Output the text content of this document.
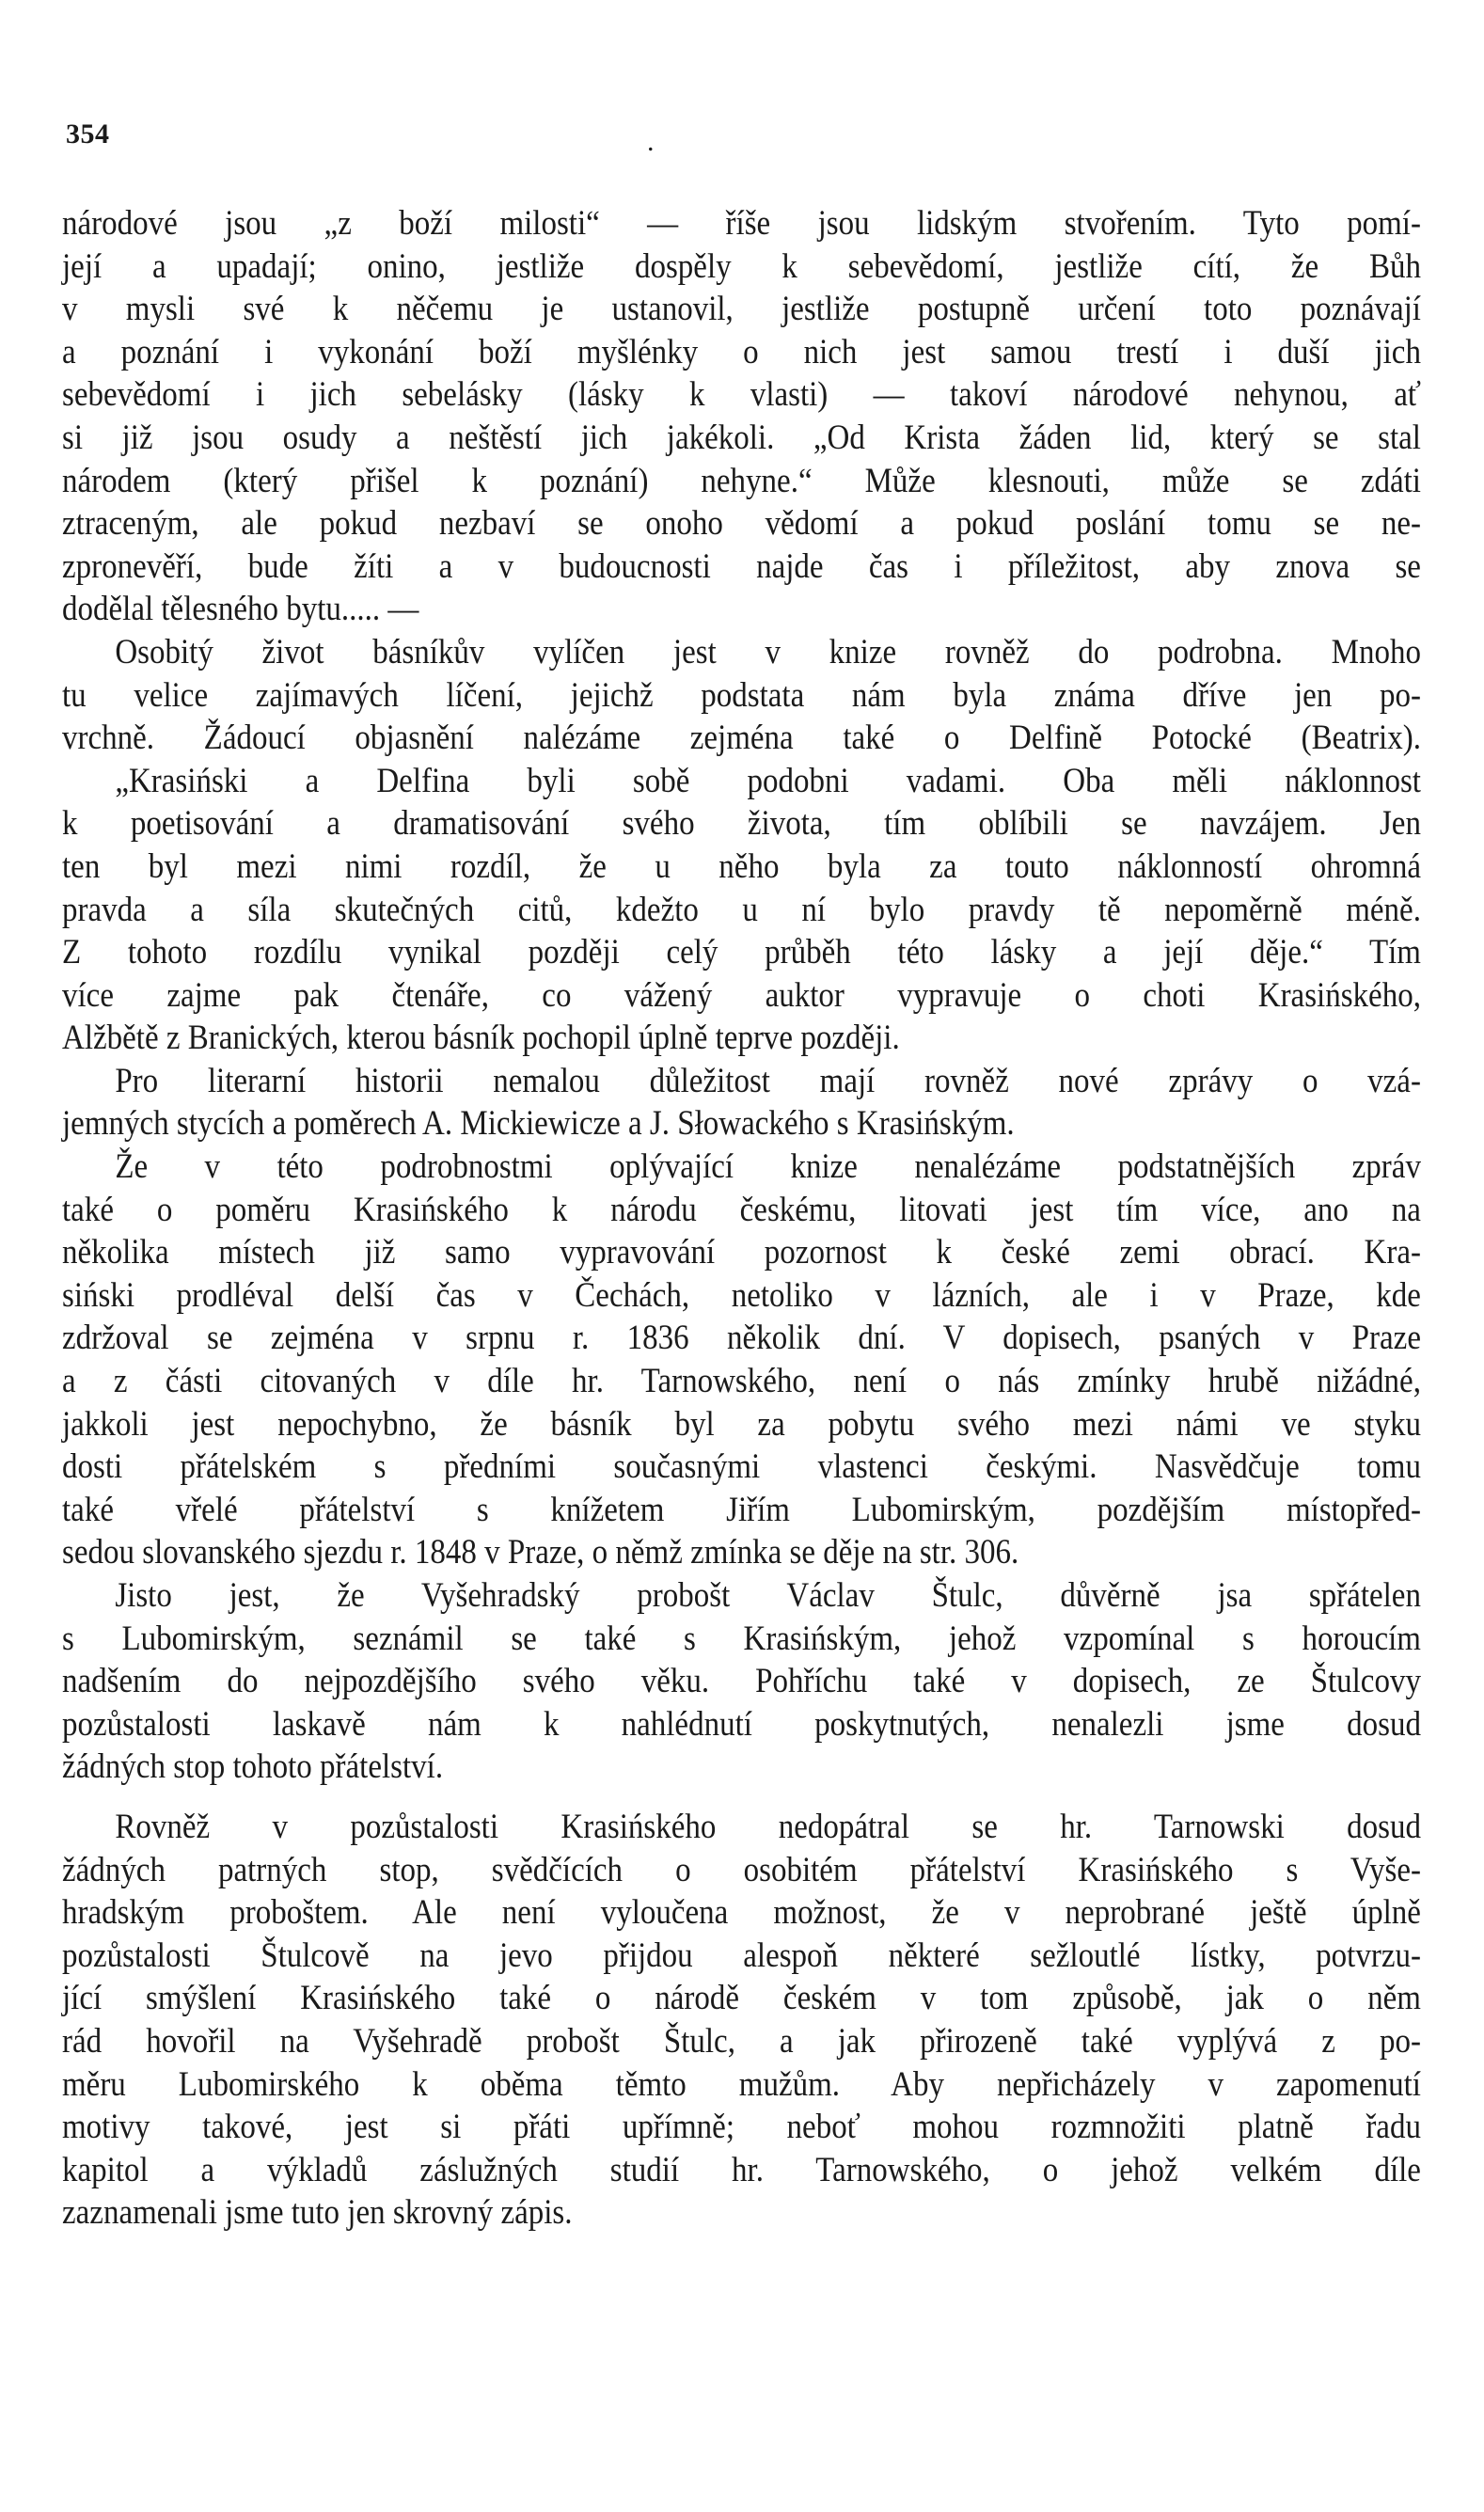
354	.
národové jsou „z boží milosti“ — říše jsou lidským stvořením. Tyto pomí-
její a upadají; onino, jestliže dospěly k sebevědomí, jestliže cítí, že Bůh
v mysli své k něčemu je ustanovil, jestliže postupně určení toto poznávají
a poznání i vykonání boží myšlénky o nich jest samou trestí i duší jich
sebevědomí i jich sebelásky (lásky k vlasti) — takoví národové nehynou, ať
si již jsou osudy a neštěstí jich jakékoli. „Od Krista žáden lid, který se stal
národem (který přišel k poznání) nehyne.“ Může klesnouti, může se zdáti
ztraceným, ale pokud nezbaví se onoho vědomí a pokud poslání tomu se ne-
zpronevěří, bude žíti a v budoucnosti najde čas i příležitost, aby znova se
dodělal tělesného bytu..... —
Osobitý život básníkův vylíčen jest v knize rovněž do podrobna. Mnoho
tu velice zajímavých líčení, jejichž podstata nám byla známa dříve jen po-
vrchně. Žádoucí objasnění nalézáme zejména také o Delfině Potocké (Beatrix).
„Krasiński a Delfina byli sobě podobni vadami. Oba měli náklonnost
k poetisování a dramatisování svého života, tím oblíbili se navzájem. Jen
ten byl mezi nimi rozdíl, že u něho byla za touto náklonností ohromná
pravda a síla skutečných citů, kdežto u ní bylo pravdy tě nepoměrně méně.
Z tohoto rozdílu vynikal později celý průběh této lásky a její děje.“ Tím
více zajme pak čtenáře, co vážený auktor vypravuje o choti Krasińského,
Alžbětě z Branických, kterou básník pochopil úplně teprve později.
Pro literarní historii nemalou důležitost mají rovněž nové zprávy o vzá-
jemných stycích a poměrech A. Mickiewicze a J. Słowackého s Krasińským.
Že v této podrobnostmi oplývající knize nenalézáme podstatnějších zpráv
také o poměru Krasińského k národu českému, litovati jest tím více, ano na
několika místech již samo vypravování pozornost k české zemi obrací. Kra-
siński prodléval delší čas v Čechách, netoliko v lázních, ale i v Praze, kde
zdržoval se zejména v srpnu r. 1836 několik dní. V dopisech, psaných v Praze
a z části citovaných v díle hr. Tarnowského, není o nás zmínky hrubě nižádné,
jakkoli jest nepochybno, že básník byl za pobytu svého mezi námi ve styku
dosti přátelském s předními současnými vlastenci českými. Nasvědčuje tomu
také vřelé přátelství s knížetem Jiřím Lubomirským, pozdějším místopřed-
sedou slovanského sjezdu r. 1848 v Praze, o němž zmínka se děje na str. 306.
Jisto jest, že Vyšehradský probošt Václav Štulc, důvěrně jsa spřátelen
s Lubomirským, seznámil se také s Krasińským, jehož vzpomínal s horoucím
nadšením do nejpozdějšího svého věku. Pohříchu také v dopisech, ze Štulcovy
pozůstalosti laskavě nám k nahlédnutí poskytnutých, nenalezli jsme dosud
žádných stop tohoto přátelství.
Rovněž v pozůstalosti Krasińského nedopátral se hr. Tarnowski dosud
žádných patrných stop, svědčících o osobitém přátelství Krasińského s Vyše-
hradským proboštem. Ale není vyloučena možnost, že v neprobrané ještě úplně
pozůstalosti Štulcově na jevo přijdou alespoň některé sežloutlé lístky, potvrzu-
jící smýšlení Krasińského také o národě českém v tom způsobě, jak o něm
rád hovořil na Vyšehradě probošt Štulc, a jak přirozeně také vyplývá z po-
měru Lubomirského k oběma těmto mužům. Aby nepřicházely v zapomenutí
motivy takové, jest si přáti upřímně; neboť mohou rozmnožiti platně řadu
kapitol a výkladů záslužných studií hr. Tarnowského, o jehož velkém díle
zaznamenali jsme tuto jen skrovný zápis.
